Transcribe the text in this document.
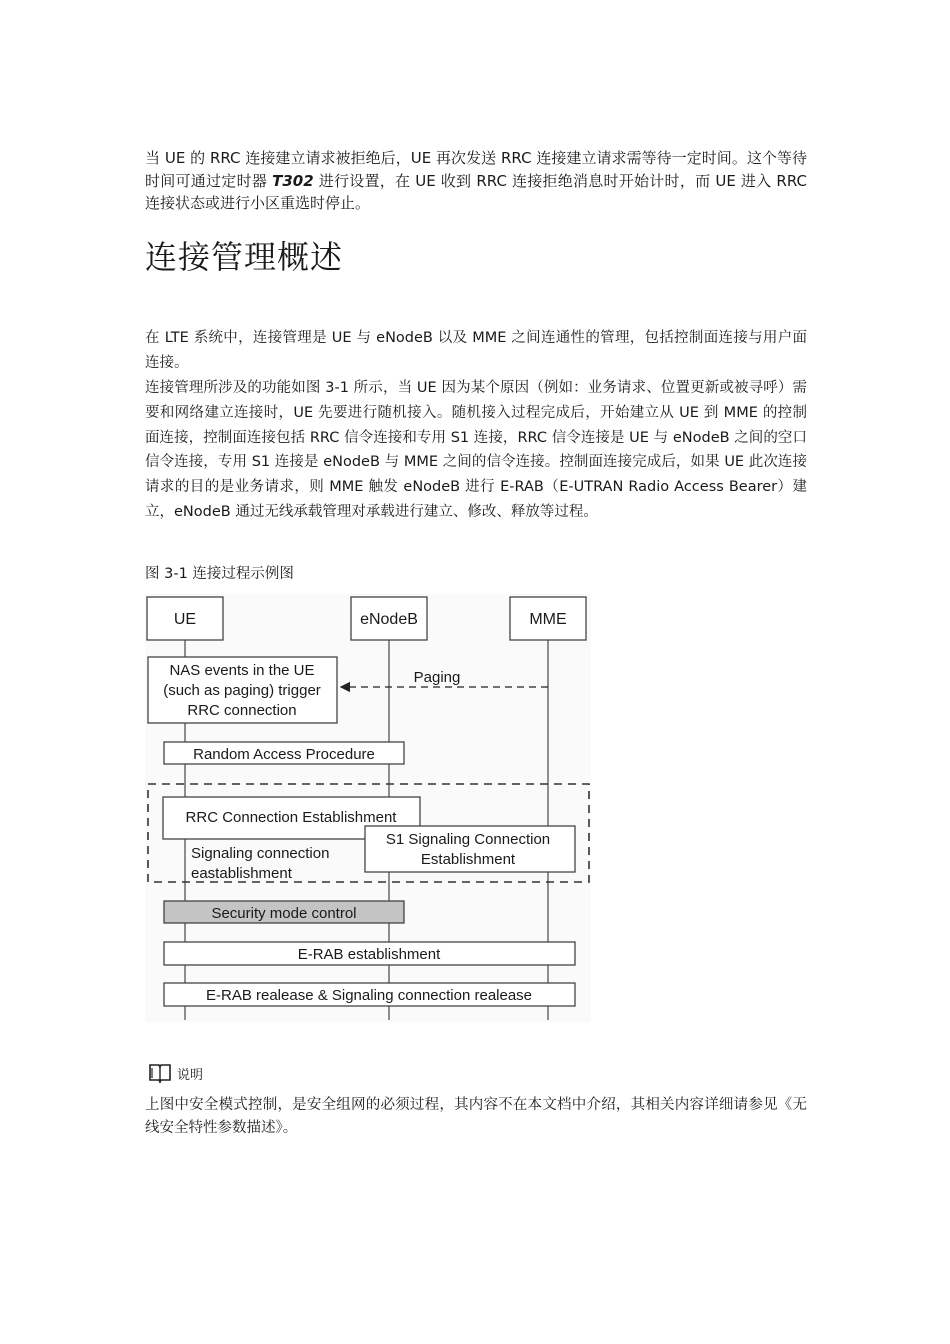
当 UE 的 RRC 连接建立请求被拒绝后，UE 再次发送 RRC 连接建立请求需等待一定时间。这个等待时间可通过定时器 T302 进行设置，在 UE 收到 RRC 连接拒绝消息时开始计时，而 UE 进入 RRC 连接状态或进行小区重选时停止。

连接管理概述

在 LTE 系统中，连接管理是 UE 与 eNodeB 以及 MME 之间连通性的管理，包括控制面连接与用户面连接。

连接管理所涉及的功能如图 3-1 所示，当 UE 因为某个原因（例如：业务请求、位置更新或被寻呼）需要和网络建立连接时，UE 先要进行随机接入。随机接入过程完成后，开始建立从 UE 到 MME 的控制面连接，控制面连接包括 RRC 信令连接和专用 S1 连接，RRC 信令连接是 UE 与 eNodeB 之间的空口信令连接，专用 S1 连接是 eNodeB 与 MME 之间的信令连接。控制面连接完成后，如果 UE 此次连接请求的目的是业务请求，则 MME 触发 eNodeB 进行 E-RAB（E-UTRAN Radio Access Bearer）建立，eNodeB 通过无线承载管理对承载进行建立、修改、释放等过程。

图 3-1 连接过程示例图

UE	eNodeB	MME
NAS events in the UE
(such as paging) trigger
RRC connection
Paging
Random Access Procedure
RRC Connection Establishment
Signaling connection
eastablishment
S1 Signaling Connection
Establishment
Security mode control
E-RAB establishment
E-RAB realease & Signaling connection realease
说明

上图中安全模式控制，是安全组网的必须过程，其内容不在本文档中介绍，其相关内容详细请参见《无线安全特性参数描述》。
